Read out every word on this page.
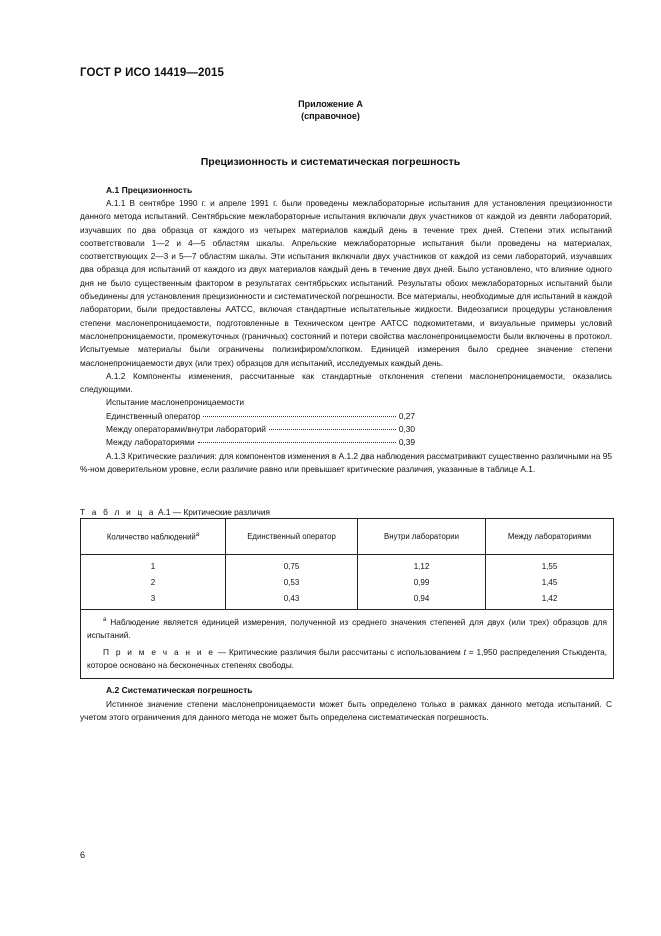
ГОСТ Р ИСО 14419—2015
Приложение А
(справочное)
Прецизионность и систематическая погрешность
А.1 Прецизионность

А.1.1 В сентябре 1990 г. и апреле 1991 г. были проведены межлабораторные испытания для установления прецизионности данного метода испытаний. Сентябрьские межлабораторные испытания включали двух участников от каждой из девяти лабораторий, изучавших по два образца от каждого из четырех материалов каждый день в течение трех дней. Степени этих испытаний соответствовали 1—2 и 4—5 областям шкалы. Апрельские межлабораторные испытания были проведены на материалах, соответствующих 2—3 и 5—7 областям шкалы. Эти испытания включали двух участников от каждой из семи лабораторий, изучавших два образца для испытаний от каждого из двух материалов каждый день в течение двух дней. Было установлено, что влияние одного дня не было существенным фактором в результатах сентябрьских испытаний. Результаты обоих межлабораторных испытаний были объединены для установления прецизионности и систематической погрешности. Все материалы, необходимые для испытаний в каждой лаборатории, были предоставлены ААТСС, включая стандартные испытательные жидкости. Видеозаписи процедуры установления степени маслонепроницаемости, подготовленные в Техническом центре ААТСС подкомитетами, и визуальные примеры условий маслонепроницаемости, промежуточных (граничных) состояний и потери свойства маслонепроницаемости были включены в протокол. Испытуемые материалы были ограничены полизифиром/хлопком. Единицей измерения было среднее значение степени маслонепроницаемости двух (или трех) образцов для испытаний, исследуемых каждый день.

А.1.2 Компоненты изменения, рассчитанные как стандартные отклонения степени маслонепроницаемости, оказались следующими.

Испытание маслонепроницаемости
Единственный оператор	0,27
Между операторами/внутри лабораторий	0,30
Между лабораториями	0,39

А.1.3 Критические различия: для компонентов изменения в А.1.2 два наблюдения рассматривают существенно различными на 95 %-ном доверительном уровне, если различие равно или превышает критические различия, указанные в таблице А.1.

Т а б л и ц а А.1 — Критические различия
Количество наблюдений$^а$	Единственный оператор	Внутри лаборатории	Между лабораториями
1	0,75	1,12	1,55
2	0,53	0,99	1,45
3	0,43	0,94	1,42

$^а$ Наблюдение является единицей измерения, полученной из среднего значения степеней для двух (или трех) образцов для испытаний.

П р и м е ч а н и е — Критические различия были рассчитаны с использованием t = 1,950 распределения Стьюдента, которое основано на бесконечных степенях свободы.			

А.2 Систематическая погрешность

Истинное значение степени маслонепроницаемости может быть определено только в рамках данного метода испытаний. С учетом этого ограничения для данного метода не может быть определена систематическая погрешность.

6
